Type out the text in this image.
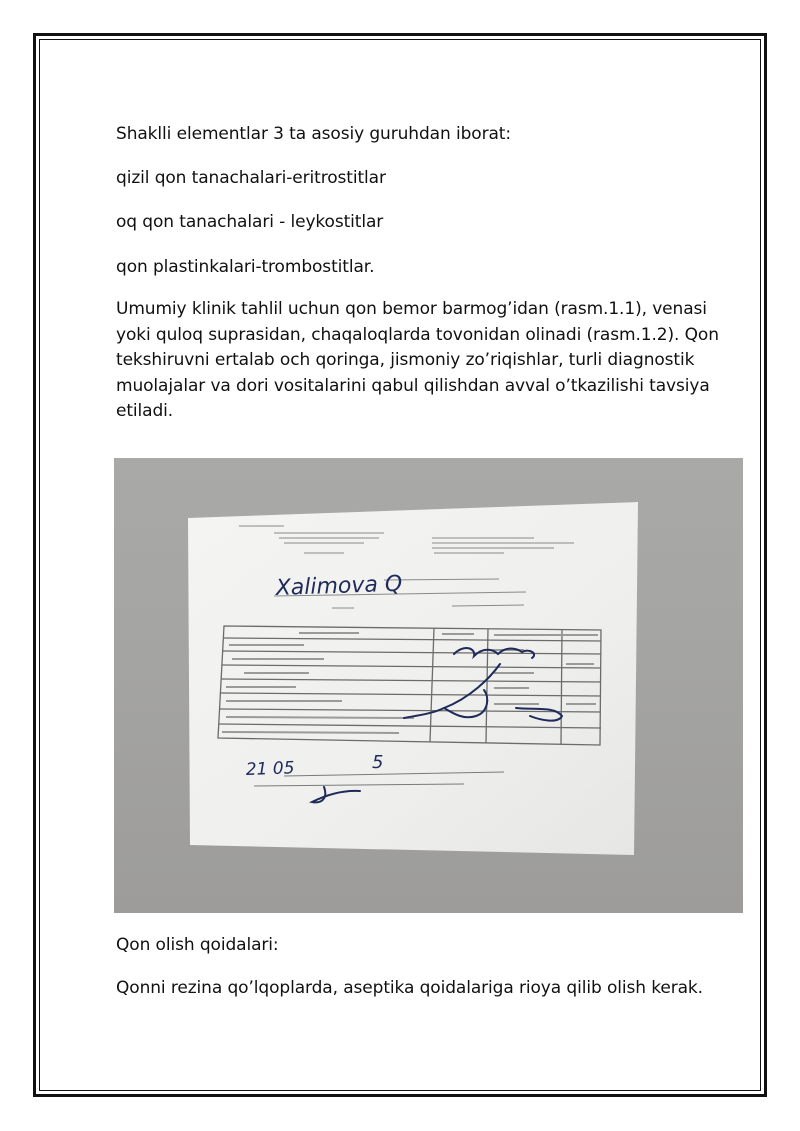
Shaklli elementlar 3 ta asosiy guruhdan iborat:
qizil qon tanachalari-eritrostitlar
oq qon tanachalari - leykostitlar
qon plastinkalari-trombostitlar.
Umumiy klinik tahlil uchun qon bemor barmog’idan (rasm.1.1), venasi yoki quloq suprasidan, chaqaloqlarda tovonidan olinadi (rasm.1.2). Qon tekshiruvni ertalab och qoringa, jismoniy zo’riqishlar, turli diagnostik muolajalar va dori vositalarini qabul qilishdan avval o’tkazilishi tavsiya etiladi.
Xalimova Q
21 05	5
Qon olish qoidalari:
Qonni rezina qo’lqoplarda, aseptika qoidalariga rioya qilib olish kerak.
